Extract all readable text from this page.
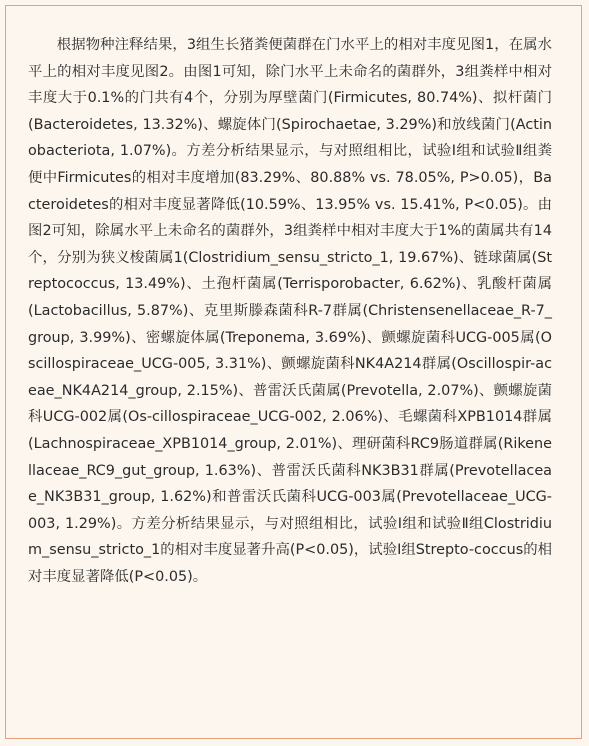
根据物种注释结果，3组生长猪粪便菌群在门水平上的相对丰度见图1，在属水平上的相对丰度见图2。由图1可知，除门水平上未命名的菌群外，3组粪样中相对丰度大于0.1%的门共有4个，分别为厚壁菌门(Firmicutes, 80.74%)、拟杆菌门(Bacteroidetes, 13.32%)、螺旋体门(Spirochaetae, 3.29%)和放线菌门(Actinobacteriota, 1.07%)。方差分析结果显示，与对照组相比，试验Ⅰ组和试验Ⅱ组粪便中Firmicutes的相对丰度增加(83.29%、80.88% vs. 78.05%, P>0.05)，Bacteroidetes的相对丰度显著降低(10.59%、13.95% vs. 15.41%, P<0.05)。由图2可知，除属水平上未命名的菌群外，3组粪样中相对丰度大于1%的菌属共有14个，分别为狭义梭菌属1(Clostridium_sensu_stricto_1, 19.67%)、链球菌属(Streptococcus, 13.49%)、土孢杆菌属(Terrisporobacter, 6.62%)、乳酸杆菌属(Lactobacillus, 5.87%)、克里斯滕森菌科R-7群属(Christensenellaceae_R-7_group, 3.99%)、密螺旋体属(Treponema, 3.69%)、颤螺旋菌科UCG-005属(Oscillospiraceae_UCG-005, 3.31%)、颤螺旋菌科NK4A214群属(Oscillospir-aceae_NK4A214_group, 2.15%)、普雷沃氏菌属(Prevotella, 2.07%)、颤螺旋菌科UCG-002属(Os-cillospiraceae_UCG-002, 2.06%)、毛螺菌科XPB1014群属(Lachnospiraceae_XPB1014_group, 2.01%)、理研菌科RC9肠道群属(Rikenellaceae_RC9_gut_group, 1.63%)、普雷沃氏菌科NK3B31群属(Prevotellaceae_NK3B31_group, 1.62%)和普雷沃氏菌科UCG-003属(Prevotellaceae_UCG-003, 1.29%)。方差分析结果显示，与对照组相比，试验Ⅰ组和试验Ⅱ组Clostridium_sensu_stricto_1的相对丰度显著升高(P<0.05)，试验Ⅰ组Strepto-coccus的相对丰度显著降低(P<0.05)。
